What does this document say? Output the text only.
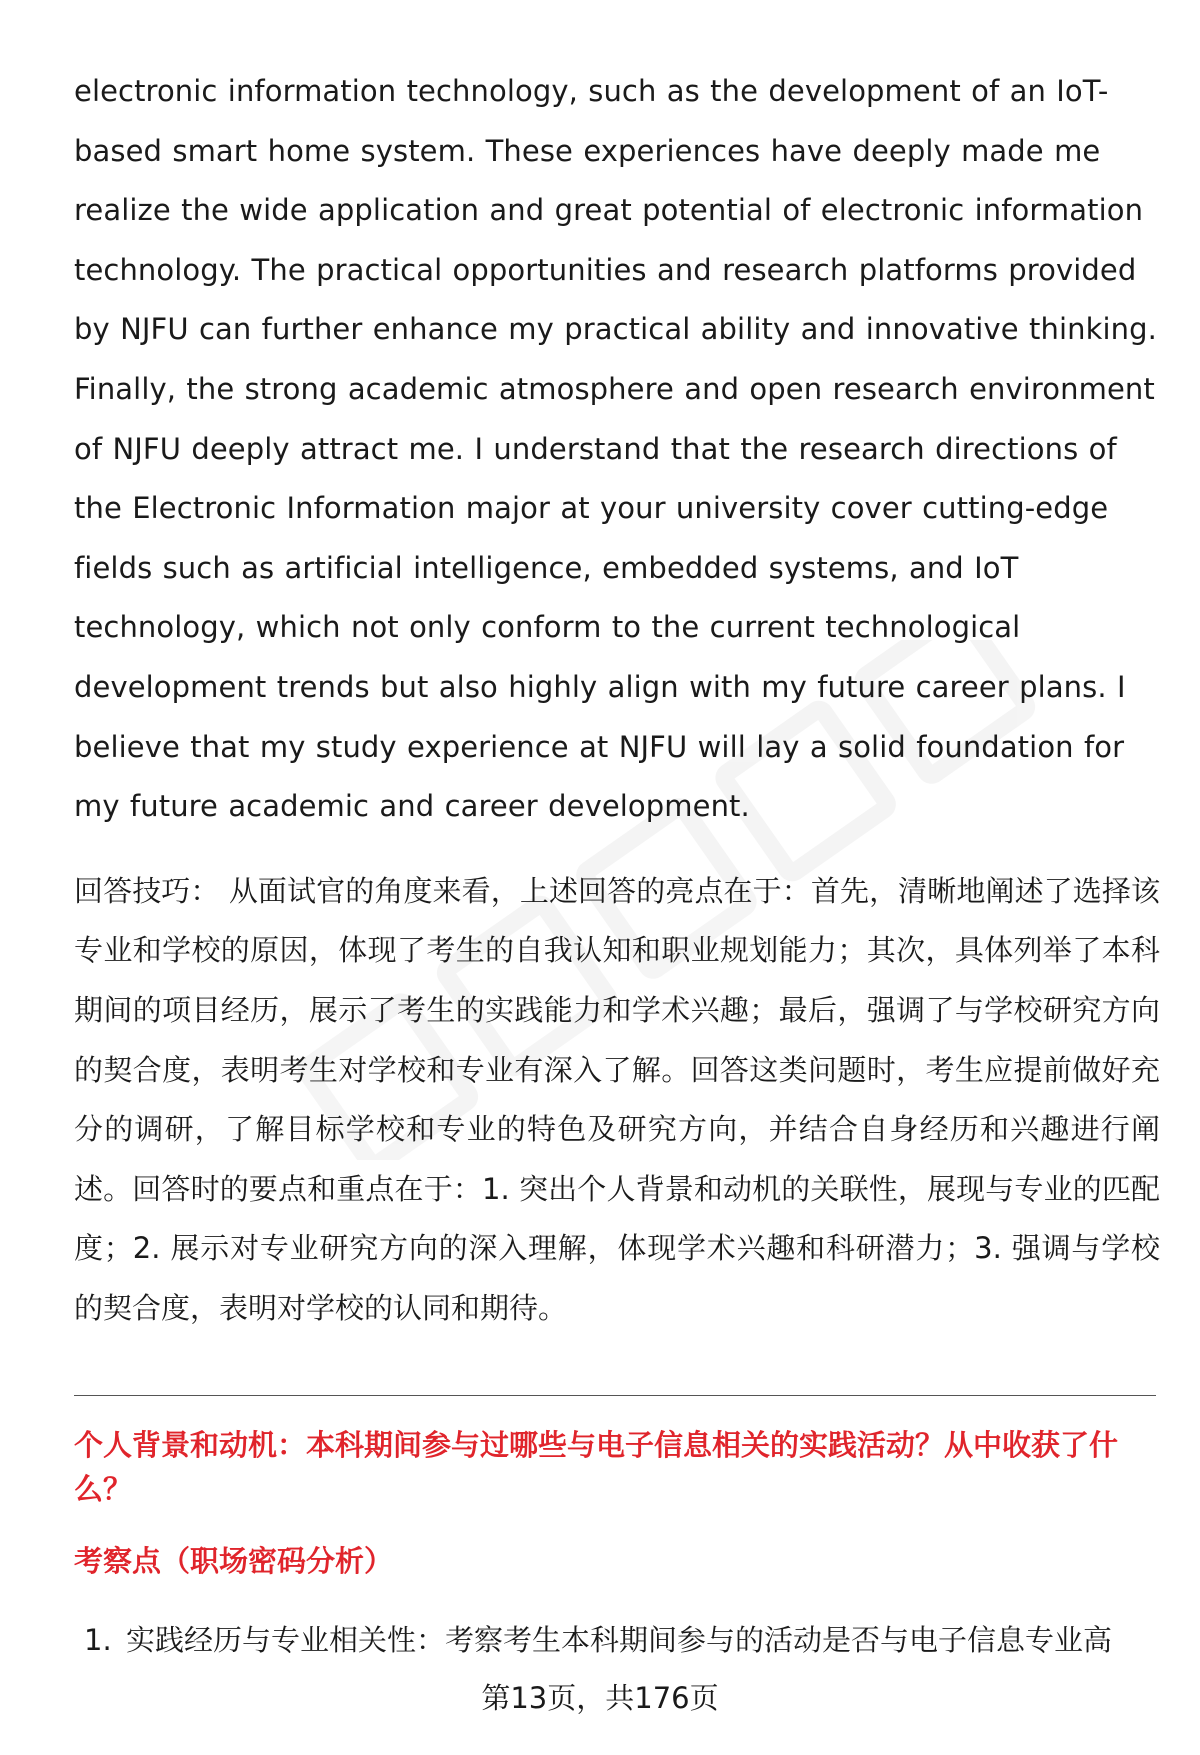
electronic information technology, such as the development of an IoT-based smart home system. These experiences have deeply made me realize the wide application and great potential of electronic information technology. The practical opportunities and research platforms provided by NJFU can further enhance my practical ability and innovative thinking. Finally, the strong academic atmosphere and open research environment of NJFU deeply attract me. I understand that the research directions of the Electronic Information major at your university cover cutting-edge fields such as artificial intelligence, embedded systems, and IoT technology, which not only conform to the current technological development trends but also highly align with my future career plans. I believe that my study experience at NJFU will lay a solid foundation for my future academic and career development.

回答技巧： 从面试官的角度来看，上述回答的亮点在于：首先，清晰地阐述了选择该专业和学校的原因，体现了考生的自我认知和职业规划能力；其次，具体列举了本科期间的项目经历，展示了考生的实践能力和学术兴趣；最后，强调了与学校研究方向的契合度，表明考生对学校和专业有深入了解。回答这类问题时，考生应提前做好充分的调研，了解目标学校和专业的特色及研究方向，并结合自身经历和兴趣进行阐述。回答时的要点和重点在于：1. 突出个人背景和动机的关联性，展现与专业的匹配度；2. 展示对专业研究方向的深入理解，体现学术兴趣和科研潜力；3. 强调与学校的契合度，表明对学校的认同和期待。

个人背景和动机：本科期间参与过哪些与电子信息相关的实践活动？从中收获了什么？

考察点（职场密码分析）

1. 实践经历与专业相关性：考察考生本科期间参与的活动是否与电子信息专业高
第13页，共176页
